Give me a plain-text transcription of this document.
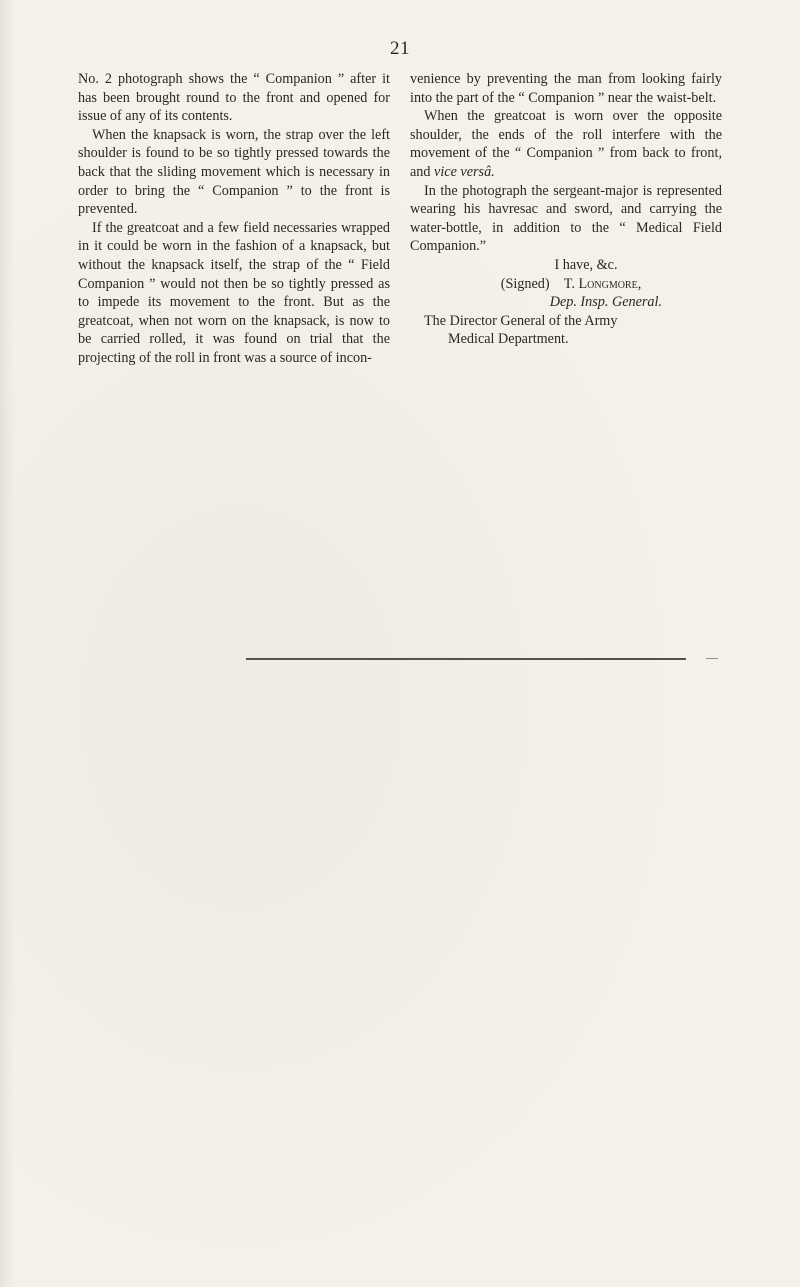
21

No. 2 photograph shows the “ Companion ” after it has been brought round to the front and opened for issue of any of its contents.

When the knapsack is worn, the strap over the left shoulder is found to be so tightly pressed towards the back that the sliding movement which is necessary in order to bring the “ Companion ” to the front is prevented.

If the greatcoat and a few field necessaries wrapped in it could be worn in the fashion of a knapsack, but without the knapsack itself, the strap of the “ Field Companion ” would not then be so tightly pressed as to impede its movement to the front. But as the greatcoat, when not worn on the knapsack, is now to be carried rolled, it was found on trial that the projecting of the roll in front was a source of incon-

venience by preventing the man from looking fairly into the part of the “ Companion ” near the waist-belt.

When the greatcoat is worn over the opposite shoulder, the ends of the roll interfere with the movement of the “ Companion ” from back to front, and vice versâ.

In the photograph the sergeant-major is represented wearing his havresac and sword, and carrying the water-bottle, in addition to the “ Medical Field Companion.”

I have, &c.
(Signed) T. Longmore,
Dep. Insp. General.
The Director General of the Army
Medical Department.
